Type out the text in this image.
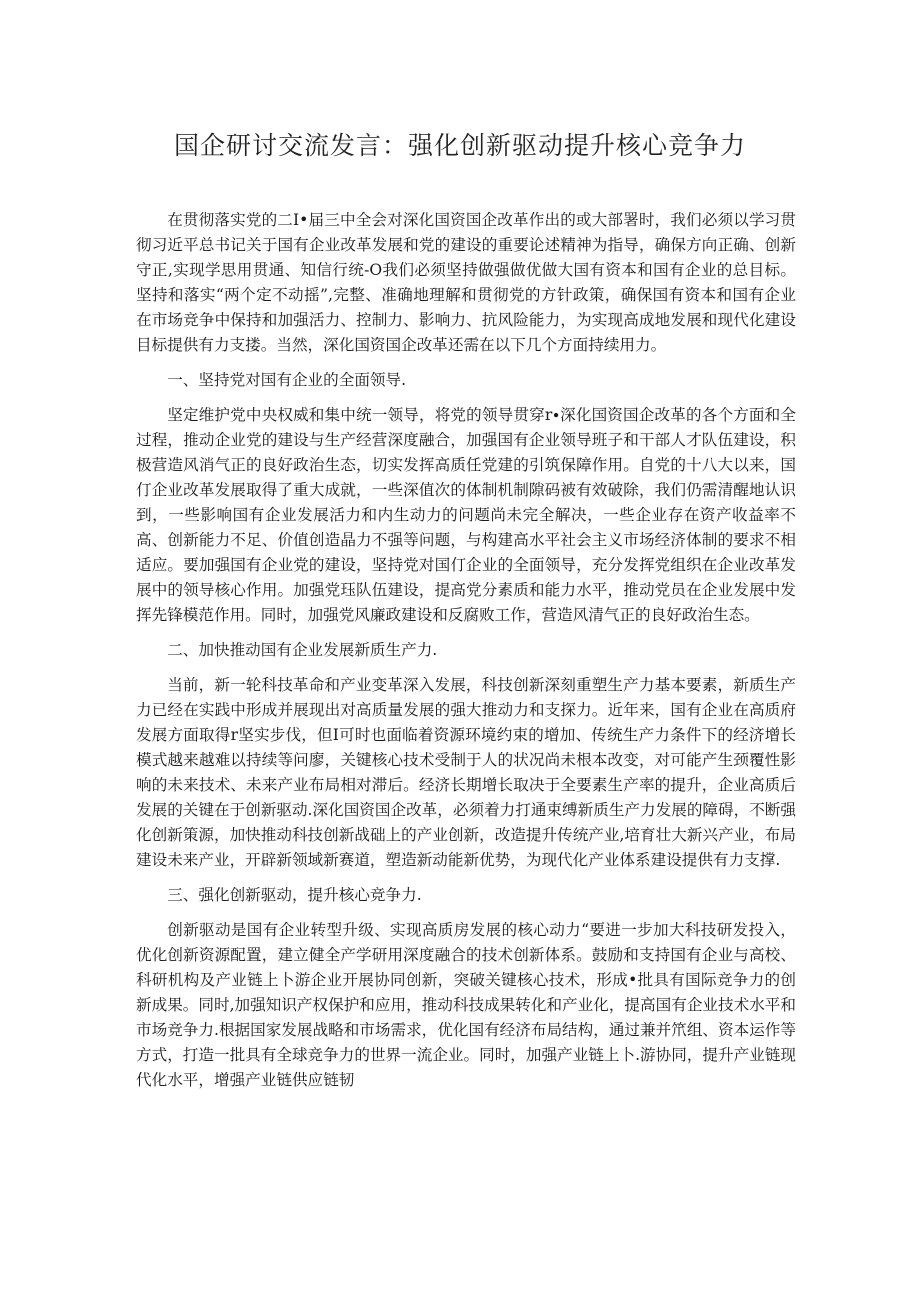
国企研讨交流发言：强化创新驱动提升核心竞争力

在贯彻落实党的二I•届三中全会对深化国资国企改革作出的或大部署时，我们必须以学习贯彻习近平总书记关于国有企业改革发展和党的建设的重要论述精神为指导，确保方向正确、创新守正,实现学思用贯通、知信行统-O我们必须坚持做强做优做大国有资本和国有企业的总目标。坚持和落实“两个定不动摇”,完整、准确地理解和贯彻党的方针政策，确保国有资本和国有企业在市场竞争中保持和加强活力、控制力、影响力、抗风险能力，为实现高成地发展和现代化建设目标提供有力支搂。当然，深化国资国企改革还需在以下几个方面持续用力。

一、坚持党对国有企业的全面领导.

坚定维护党中央权威和集中统一领导，将党的领导贯穿r∙深化国资国企改革的各个方面和全过程，推动企业党的建设与生产经营深度融合，加强国有企业领导班子和干部人才队伍建设，积极营造风消气正的良好政治生态，切实发挥高质任党建的引筑保障作用。自党的十八大以来，国仃企业改革发展取得了重大成就，一些深值次的体制机制隙码被有效破除，我们仍需清醒地认识到，一些影响国有企业发展活力和内生动力的问题尚未完全解决，一些企业存在资产收益率不高、创新能力不足、价值创造晶力不强等问题，与构建高水平社会主义市场经济体制的要求不相适应。要加强国有企业党的建设，坚持党对国仃企业的全面领导，充分发挥党组织在企业改革发展中的领导核心作用。加强党珏队伍建设，提高党分素质和能力水平，推动党员在企业发展中发挥先锋模范作用。同时，加强党风廉政建设和反腐败工作，营造风清气正的良好政治生态。

二、加快推动国有企业发展新质生产力.

当前，新一轮科技革命和产业变革深入发展，科技创新深刻重塑生产力基本要素，新质生产力已经在实践中形成并展现出对高质量发展的强大推动力和支探力。近年来，国有企业在高质府发展方面取得r坚实步伐，但I可时也面临着资源环境约束的增加、传统生产力条件下的经济增长模式越来越难以持续等问廖，关键核心技术受制于人的状况尚未根本改变，对可能产生颈覆性影响的未来技术、未来产业布局相对滞后。经济长期增长取决于全要素生产率的提升，企业高质后发展的关键在于创新驱动.深化国资国企改革，必须着力打通束缚新质生产力发展的障碍，不断强化创新策源，加快推动科技创新战础上的产业创新，改造提升传统产业,培育壮大新兴产业，布局建设未来产业，开辟新领域新赛道，塑造新动能新优势，为现代化产业体系建设提供有力支撑.

三、强化创新驱动，提升核心竞争力.

创新驱动是国有企业转型升级、实现高质房发展的核心动力“要进一步加大科技研发投入，优化创新资源配置，建立健全产学研用深度融合的技术创新体系。鼓励和支持国有企业与高校、科研机构及产业链上卜游企业开展协同创新，突破关键核心技术，形成•批具有国际竞争力的创新成果。同时,加强知识产权保护和应用，推动科技成果转化和产业化，提高国有企业技术水平和市场竞争力.根据国家发展战略和市场需求，优化国有经济布局结构，通过兼并笊组、资本运作等方式，打造一批具有全球竞争力的世界一流企业。同时，加强产业链上卜.游协同，提升产业链现代化水平，增强产业链供应链韧
